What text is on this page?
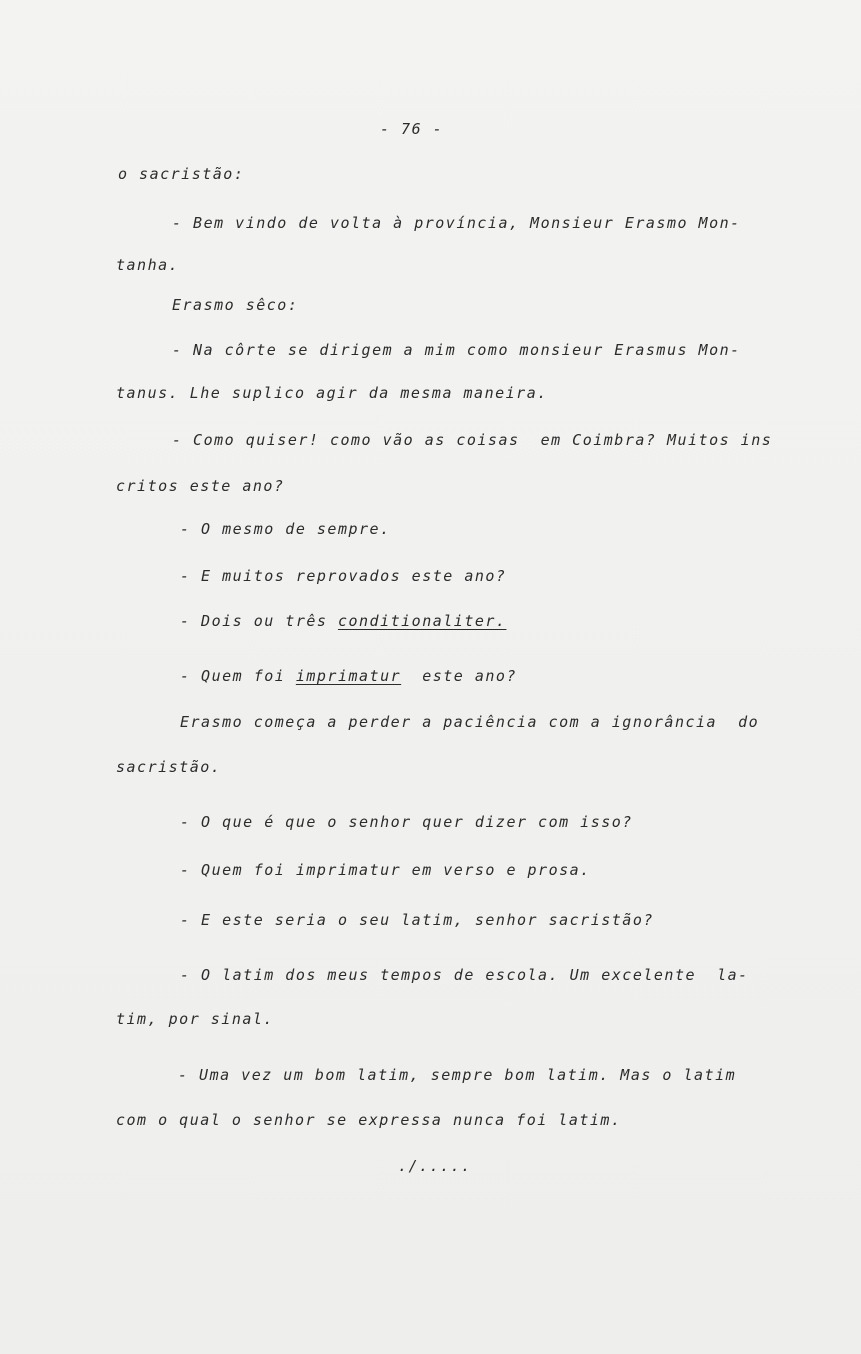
- 76 -
o sacristão:
- Bem vindo de volta à província, Monsieur Erasmo Mon-
tanha.
Erasmo sêco:
- Na côrte se dirigem a mim como monsieur Erasmus Mon-
tanus. Lhe suplico agir da mesma maneira.
- Como quiser! como vão as coisas  em Coimbra? Muitos ins
critos este ano?
- O mesmo de sempre.
- E muitos reprovados este ano?
- Dois ou três conditionaliter.
- Quem foi imprimatur  este ano?
Erasmo começa a perder a paciência com a ignorância  do
sacristão.
- O que é que o senhor quer dizer com isso?
- Quem foi imprimatur em verso e prosa.
- E este seria o seu latim, senhor sacristão?
- O latim dos meus tempos de escola. Um excelente  la-
tim, por sinal.
- Uma vez um bom latim, sempre bom latim. Mas o latim
com o qual o senhor se expressa nunca foi latim.
./.....
